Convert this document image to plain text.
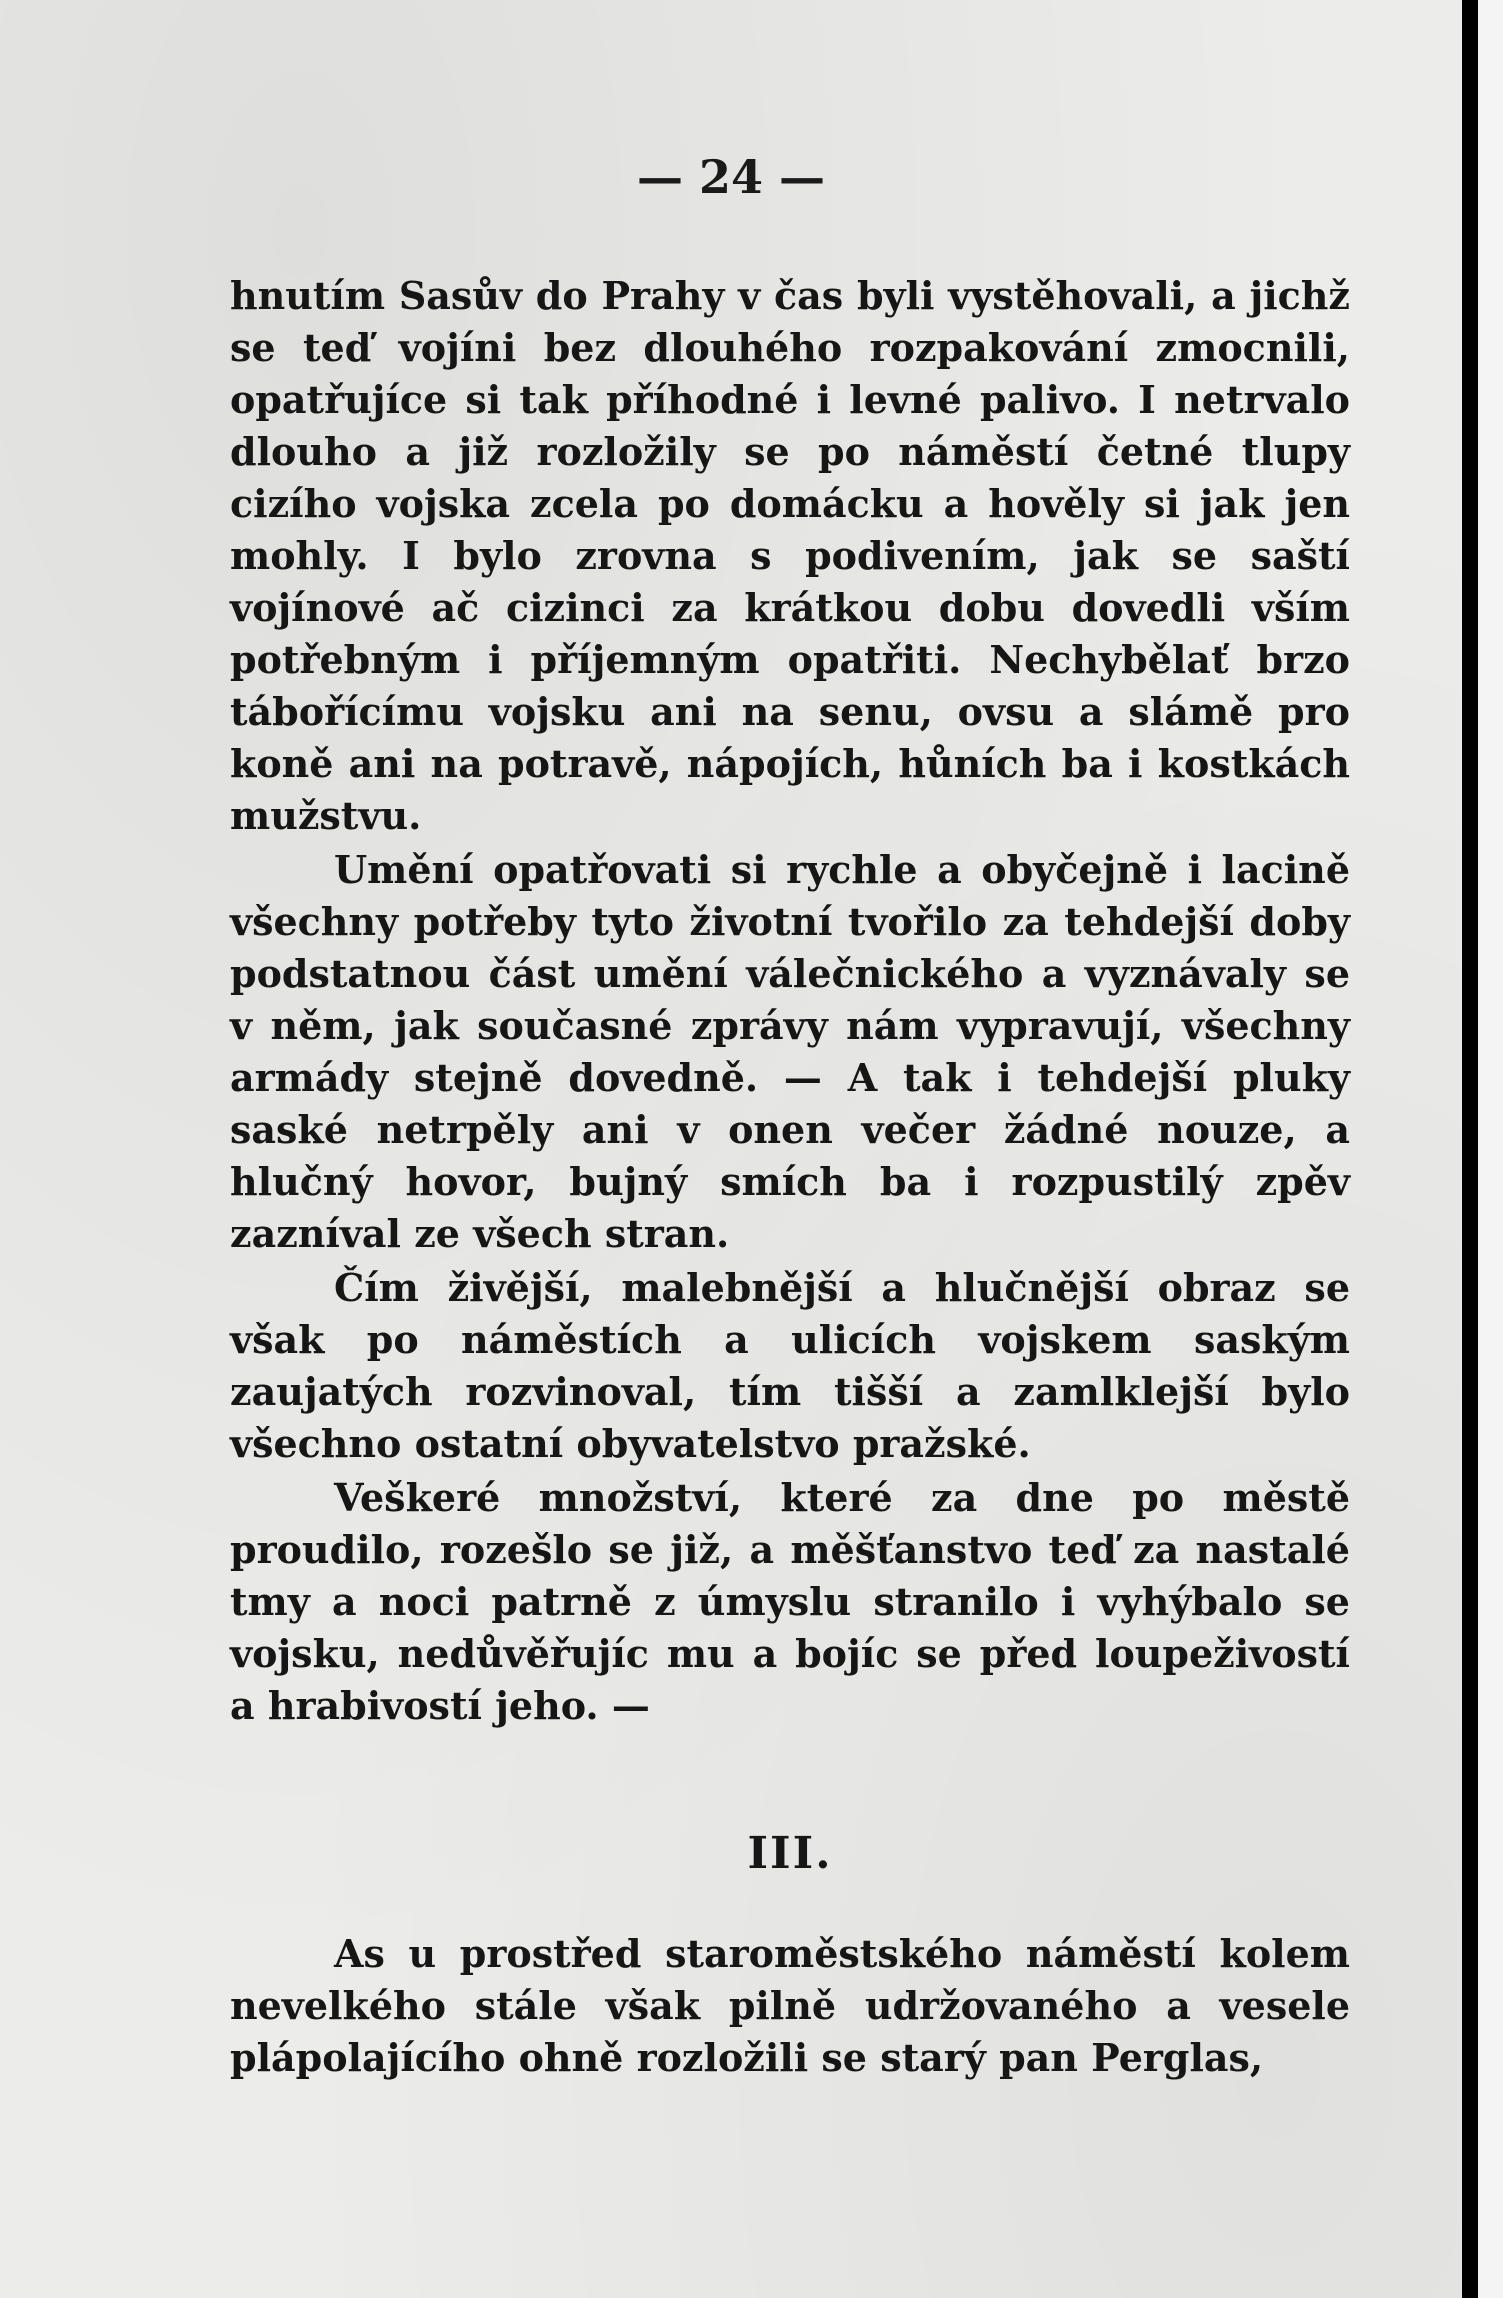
— 24 —

hnutím Sasův do Prahy v čas byli vystěhovali, a jichž se teď vojíni bez dlouhého rozpakování zmocnili, opatřujíce si tak příhodné i levné palivo. I netrvalo dlouho a již rozložily se po náměstí četné tlupy cizího vojska zcela po domácku a hověly si jak jen mohly. I bylo zrovna s podivením, jak se saští vojínové ač cizinci za krátkou dobu dovedli vším potřebným i příjemným opatřiti. Nechybělať brzo tábořícímu vojsku ani na senu, ovsu a slámě pro koně ani na potravě, nápojích, hůních ba i kostkách mužstvu.

Umění opatřovati si rychle a obyčejně i lacině všechny potřeby tyto životní tvořilo za tehdejší doby podstatnou část umění válečnického a vyznávaly se v něm, jak současné zprávy nám vypravují, všechny armády stejně dovedně. — A tak i tehdejší pluky saské netrpěly ani v onen večer žádné nouze, a hlučný hovor, bujný smích ba i rozpustilý zpěv zazníval ze všech stran.

Čím živější, malebnější a hlučnější obraz se však po náměstích a ulicích vojskem saským zaujatých rozvinoval, tím tišší a zamlklejší bylo všechno ostatní obyvatelstvo pražské.

Veškeré množství, které za dne po městě proudilo, rozešlo se již, a měšťanstvo teď za nastalé tmy a noci patrně z úmyslu stranilo i vyhýbalo se vojsku, nedůvěřujíc mu a bojíc se před loupeživostí a hrabivostí jeho. —

III.

As u prostřed staroměstského náměstí kolem nevelkého stále však pilně udržovaného a vesele plápolajícího ohně rozložili se starý pan Perglas,
